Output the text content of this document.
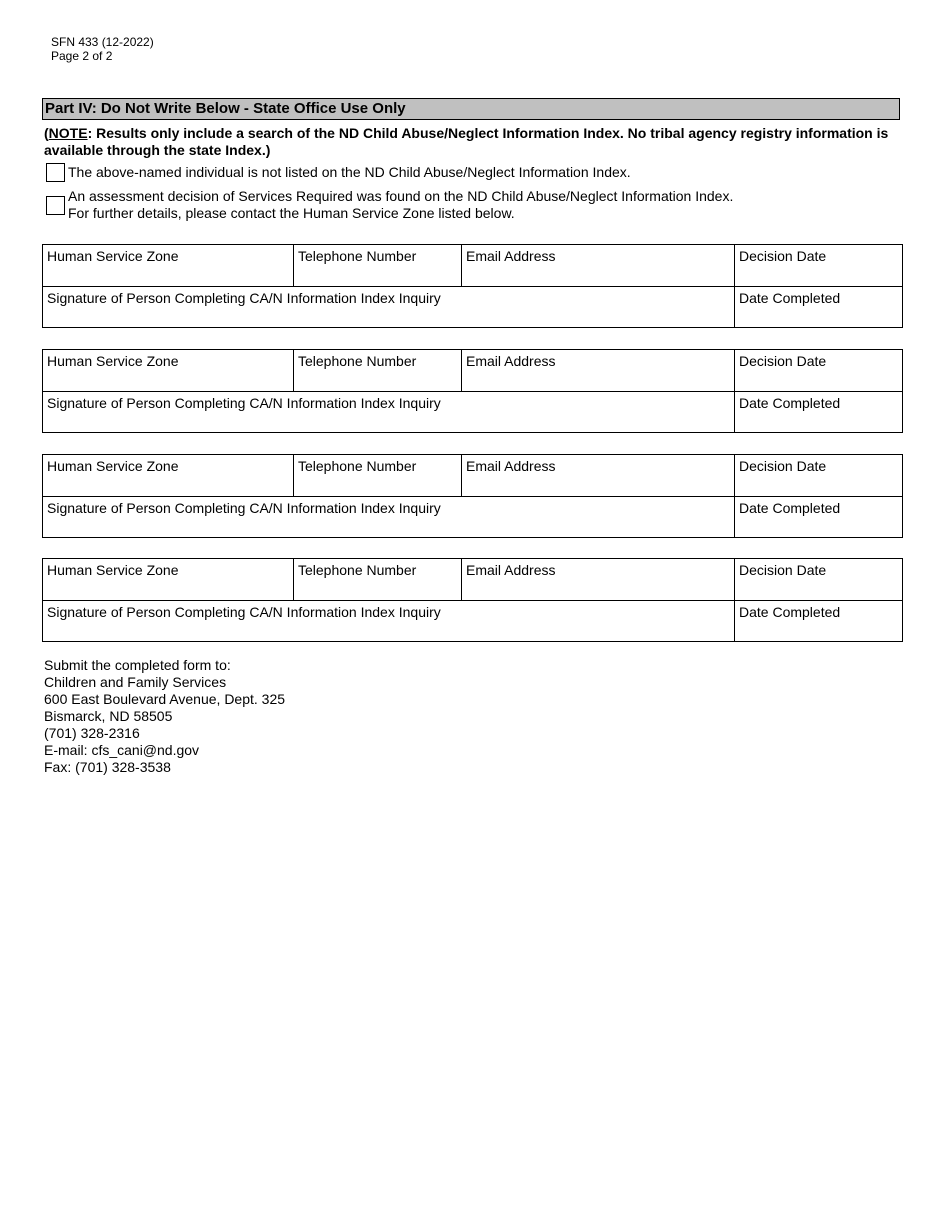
SFN 433 (12-2022)
Page 2 of 2
Part IV: Do Not Write Below - State Office Use Only
(NOTE: Results only include a search of the ND Child Abuse/Neglect Information Index. No tribal agency registry information is available through the state Index.)
The above-named individual is not listed on the ND Child Abuse/Neglect Information Index.
An assessment decision of Services Required was found on the ND Child Abuse/Neglect Information Index.
For further details, please contact the Human Service Zone listed below.
Human Service Zone	Telephone Number	Email Address	Decision Date
Signature of Person Completing CA/N Information Index Inquiry			Date Completed
Human Service Zone	Telephone Number	Email Address	Decision Date
Signature of Person Completing CA/N Information Index Inquiry			Date Completed
Human Service Zone	Telephone Number	Email Address	Decision Date
Signature of Person Completing CA/N Information Index Inquiry			Date Completed
Human Service Zone	Telephone Number	Email Address	Decision Date
Signature of Person Completing CA/N Information Index Inquiry			Date Completed
Submit the completed form to:
Children and Family Services
600 East Boulevard Avenue, Dept. 325
Bismarck, ND 58505
(701) 328-2316
E-mail: cfs_cani@nd.gov
Fax: (701) 328-3538
